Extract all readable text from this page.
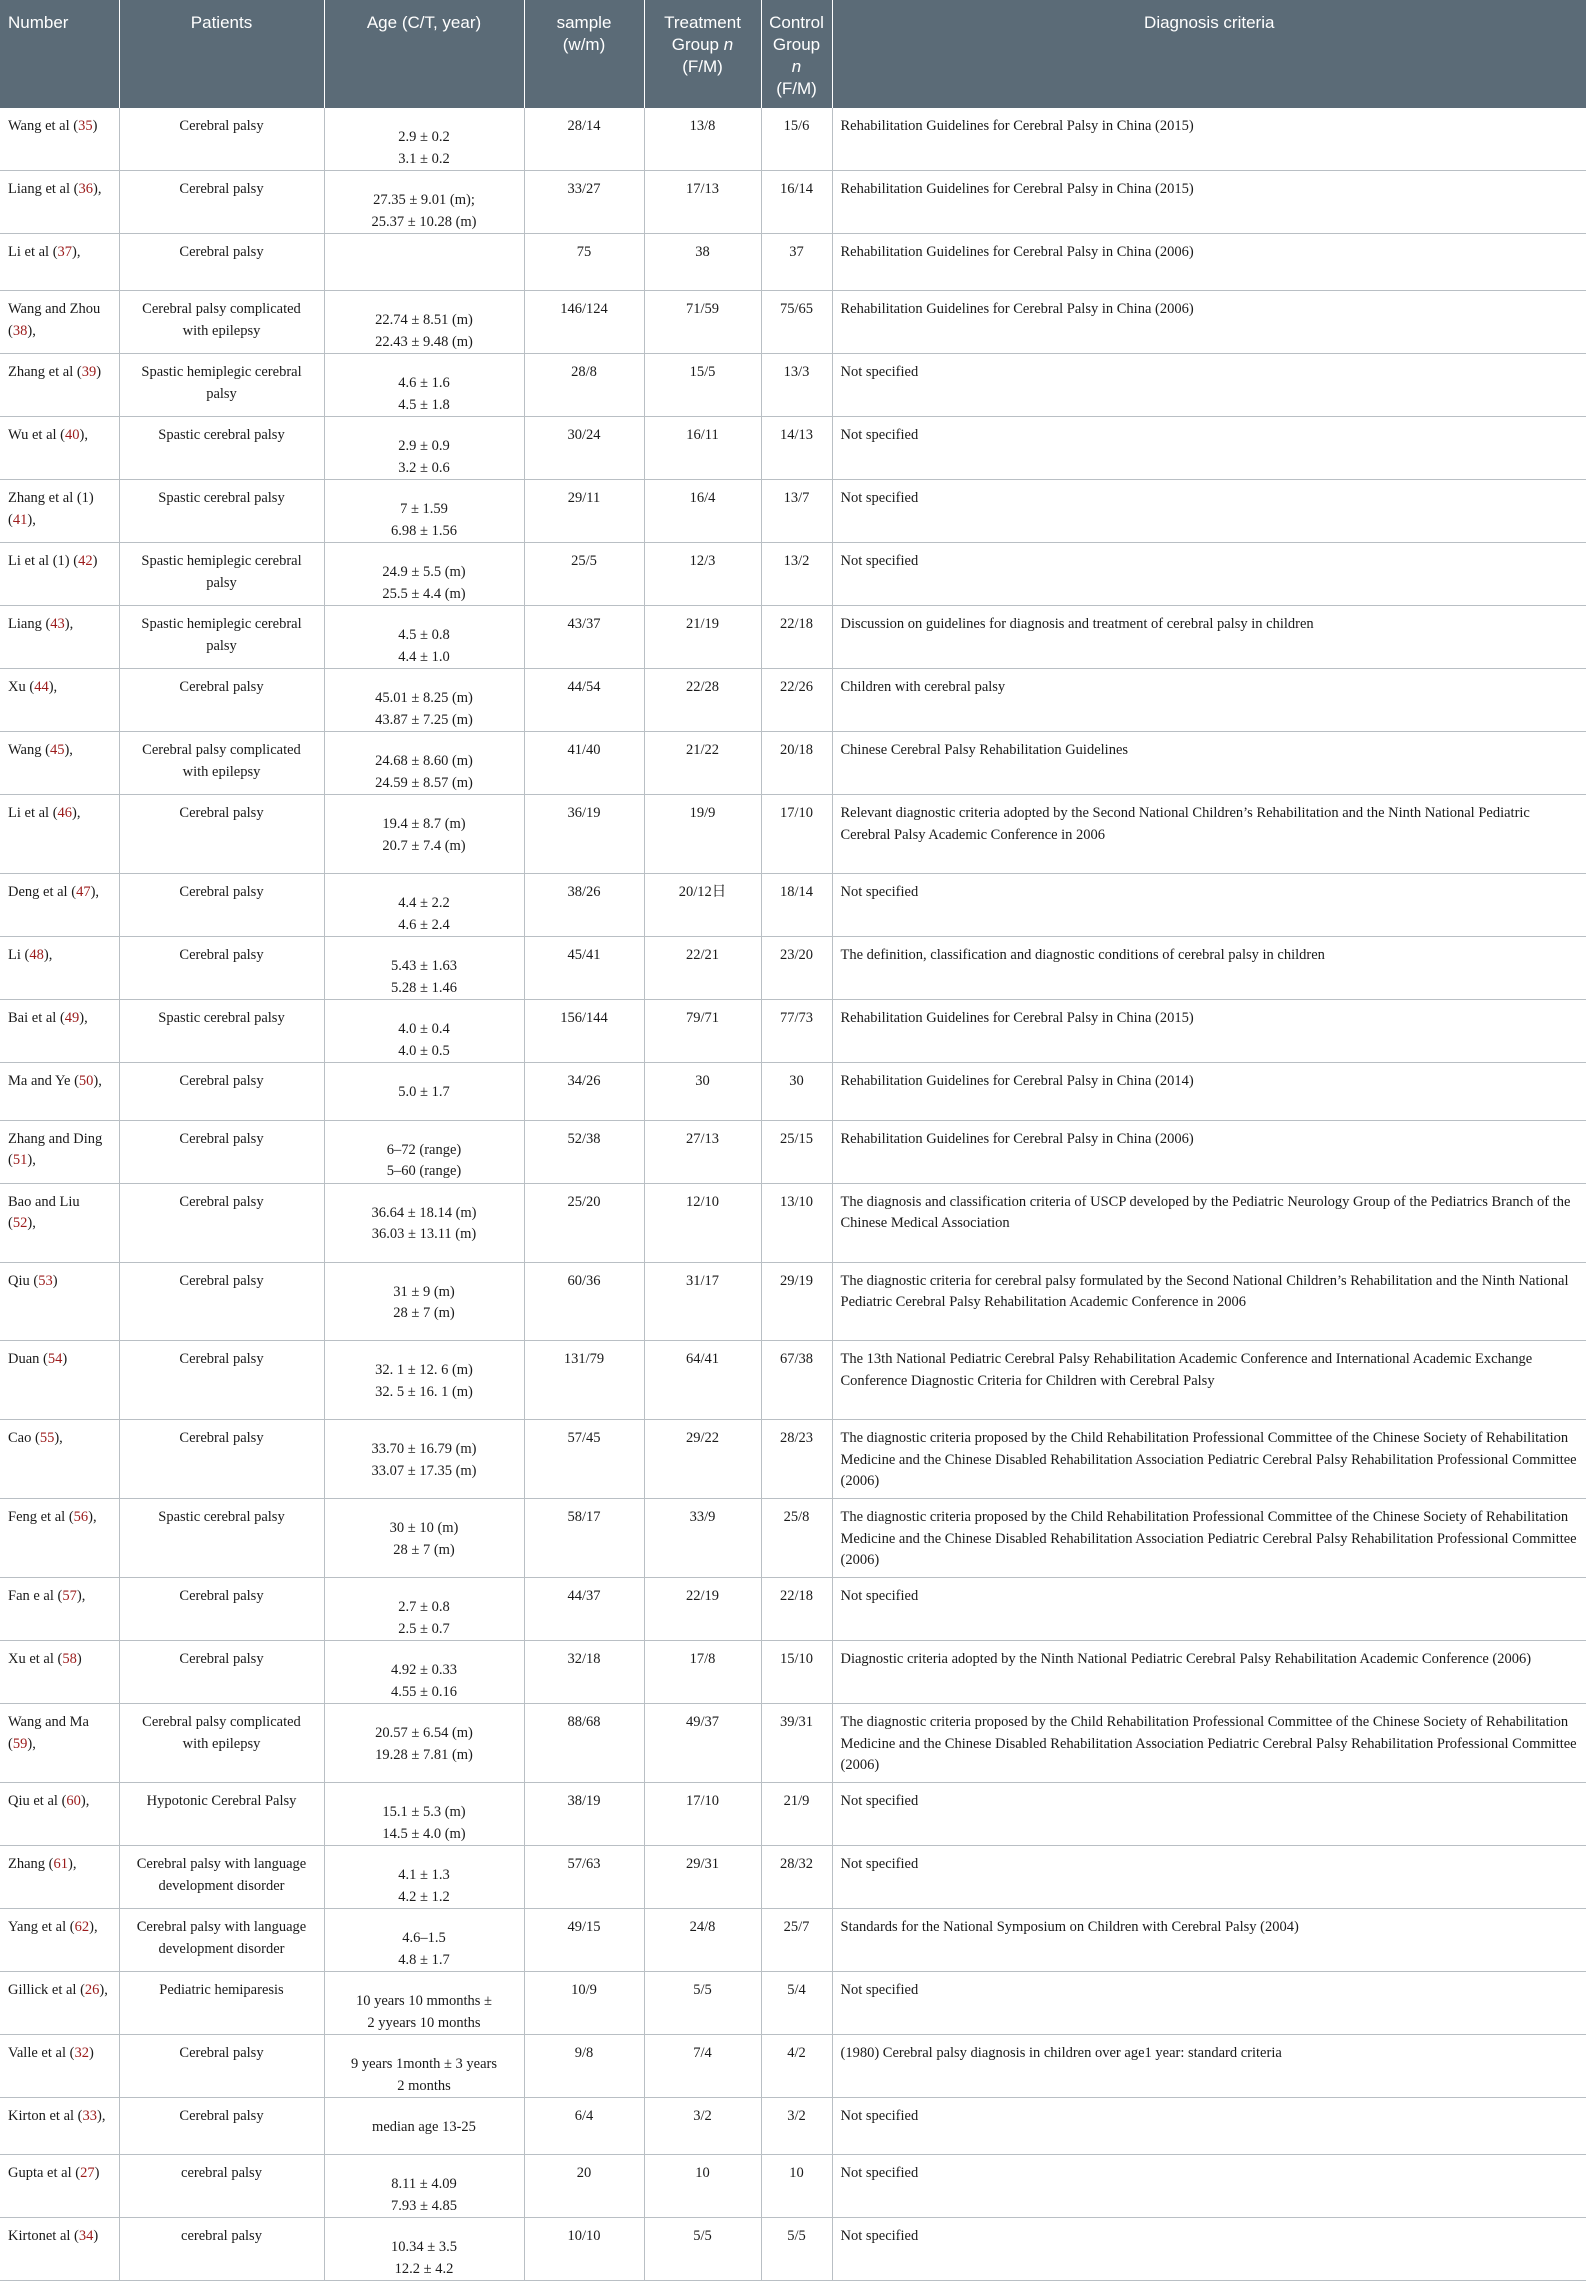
Number	Patients	Age (C/T, year)	sample
(w/m)	Treatment
Group n
(F/M)	Control
Group n
(F/M)	Diagnosis criteria
Wang et al (35)	Cerebral palsy	2.9 ± 0.2
3.1 ± 0.2	28/14	13/8	15/6	Rehabilitation Guidelines for Cerebral Palsy in China (2015)
Liang et al (36),	Cerebral palsy	27.35 ± 9.01 (m);
25.37 ± 10.28 (m)	33/27	17/13	16/14	Rehabilitation Guidelines for Cerebral Palsy in China (2015)
Li et al (37),	Cerebral palsy		75	38	37	Rehabilitation Guidelines for Cerebral Palsy in China (2006)
Wang and Zhou (38),	Cerebral palsy complicated
with epilepsy	22.74 ± 8.51 (m)
22.43 ± 9.48 (m)	146/124	71/59	75/65	Rehabilitation Guidelines for Cerebral Palsy in China (2006)
Zhang et al (39)	Spastic hemiplegic cerebral
palsy	4.6 ± 1.6
4.5 ± 1.8	28/8	15/5	13/3	Not specified
Wu et al (40),	Spastic cerebral palsy	2.9 ± 0.9
3.2 ± 0.6	30/24	16/11	14/13	Not specified
Zhang et al (1) (41),	Spastic cerebral palsy	7 ± 1.59
6.98 ± 1.56	29/11	16/4	13/7	Not specified
Li et al (1) (42)	Spastic hemiplegic cerebral
palsy	24.9 ± 5.5 (m)
25.5 ± 4.4 (m)	25/5	12/3	13/2	Not specified
Liang (43),	Spastic hemiplegic cerebral
palsy	4.5 ± 0.8
4.4 ± 1.0	43/37	21/19	22/18	Discussion on guidelines for diagnosis and treatment of cerebral palsy in children
Xu (44),	Cerebral palsy	45.01 ± 8.25 (m)
43.87 ± 7.25 (m)	44/54	22/28	22/26	Children with cerebral palsy
Wang (45),	Cerebral palsy complicated
with epilepsy	24.68 ± 8.60 (m)
24.59 ± 8.57 (m)	41/40	21/22	20/18	Chinese Cerebral Palsy Rehabilitation Guidelines
Li et al (46),	Cerebral palsy	19.4 ± 8.7 (m)
20.7 ± 7.4 (m)	36/19	19/9	17/10	Relevant diagnostic criteria adopted by the Second National Children’s Rehabilitation and the Ninth National Pediatric Cerebral Palsy Academic Conference in 2006
Deng et al (47),	Cerebral palsy	4.4 ± 2.2
4.6 ± 2.4	38/26	20/12日	18/14	Not specified
Li (48),	Cerebral palsy	5.43 ± 1.63
5.28 ± 1.46	45/41	22/21	23/20	The definition, classification and diagnostic conditions of cerebral palsy in children
Bai et al (49),	Spastic cerebral palsy	4.0 ± 0.4
4.0 ± 0.5	156/144	79/71	77/73	Rehabilitation Guidelines for Cerebral Palsy in China (2015)
Ma and Ye (50),	Cerebral palsy	5.0 ± 1.7	34/26	30	30	Rehabilitation Guidelines for Cerebral Palsy in China (2014)
Zhang and Ding (51),	Cerebral palsy	6–72 (range)
5–60 (range)	52/38	27/13	25/15	Rehabilitation Guidelines for Cerebral Palsy in China (2006)
Bao and Liu (52),	Cerebral palsy	36.64 ± 18.14 (m)
36.03 ± 13.11 (m)	25/20	12/10	13/10	The diagnosis and classification criteria of USCP developed by the Pediatric Neurology Group of the Pediatrics Branch of the Chinese Medical Association
Qiu (53)	Cerebral palsy	31 ± 9 (m)
28 ± 7 (m)	60/36	31/17	29/19	The diagnostic criteria for cerebral palsy formulated by the Second National Children’s Rehabilitation and the Ninth National Pediatric Cerebral Palsy Rehabilitation Academic Conference in 2006
Duan (54)	Cerebral palsy	32. 1 ± 12. 6 (m)
32. 5 ± 16. 1 (m)	131/79	64/41	67/38	The 13th National Pediatric Cerebral Palsy Rehabilitation Academic Conference and International Academic Exchange Conference Diagnostic Criteria for Children with Cerebral Palsy
Cao (55),	Cerebral palsy	33.70 ± 16.79 (m)
33.07 ± 17.35 (m)	57/45	29/22	28/23	The diagnostic criteria proposed by the Child Rehabilitation Professional Committee of the Chinese Society of Rehabilitation Medicine and the Chinese Disabled Rehabilitation Association Pediatric Cerebral Palsy Rehabilitation Professional Committee (2006)
Feng et al (56),	Spastic cerebral palsy	30 ± 10 (m)
28 ± 7 (m)	58/17	33/9	25/8	The diagnostic criteria proposed by the Child Rehabilitation Professional Committee of the Chinese Society of Rehabilitation Medicine and the Chinese Disabled Rehabilitation Association Pediatric Cerebral Palsy Rehabilitation Professional Committee (2006)
Fan e al (57),	Cerebral palsy	2.7 ± 0.8
2.5 ± 0.7	44/37	22/19	22/18	Not specified
Xu et al (58)	Cerebral palsy	4.92 ± 0.33
4.55 ± 0.16	32/18	17/8	15/10	Diagnostic criteria adopted by the Ninth National Pediatric Cerebral Palsy Rehabilitation Academic Conference (2006)
Wang and Ma (59),	Cerebral palsy complicated
with epilepsy	20.57 ± 6.54 (m)
19.28 ± 7.81 (m)	88/68	49/37	39/31	The diagnostic criteria proposed by the Child Rehabilitation Professional Committee of the Chinese Society of Rehabilitation Medicine and the Chinese Disabled Rehabilitation Association Pediatric Cerebral Palsy Rehabilitation Professional Committee (2006)
Qiu et al (60),	Hypotonic Cerebral Palsy	15.1 ± 5.3 (m)
14.5 ± 4.0 (m)	38/19	17/10	21/9	Not specified
Zhang (61),	Cerebral palsy with language
development disorder	4.1 ± 1.3
4.2 ± 1.2	57/63	29/31	28/32	Not specified
Yang et al (62),	Cerebral palsy with language
development disorder	4.6–1.5
4.8 ± 1.7	49/15	24/8	25/7	Standards for the National Symposium on Children with Cerebral Palsy (2004)
Gillick et al (26),	Pediatric hemiparesis	10 years 10 mmonths ±
2 yyears 10 months	10/9	5/5	5/4	Not specified
Valle et al (32)	Cerebral palsy	9 years 1month ± 3 years
2 months	9/8	7/4	4/2	(1980) Cerebral palsy diagnosis in children over age1 year: standard criteria
Kirton et al (33),	Cerebral palsy	median age 13-25	6/4	3/2	3/2	Not specified
Gupta et al (27)	cerebral palsy	8.11 ± 4.09
7.93 ± 4.85	20	10	10	Not specified
Kirtonet al (34)	cerebral palsy	10.34 ± 3.5
12.2 ± 4.2	10/10	5/5	5/5	Not specified
